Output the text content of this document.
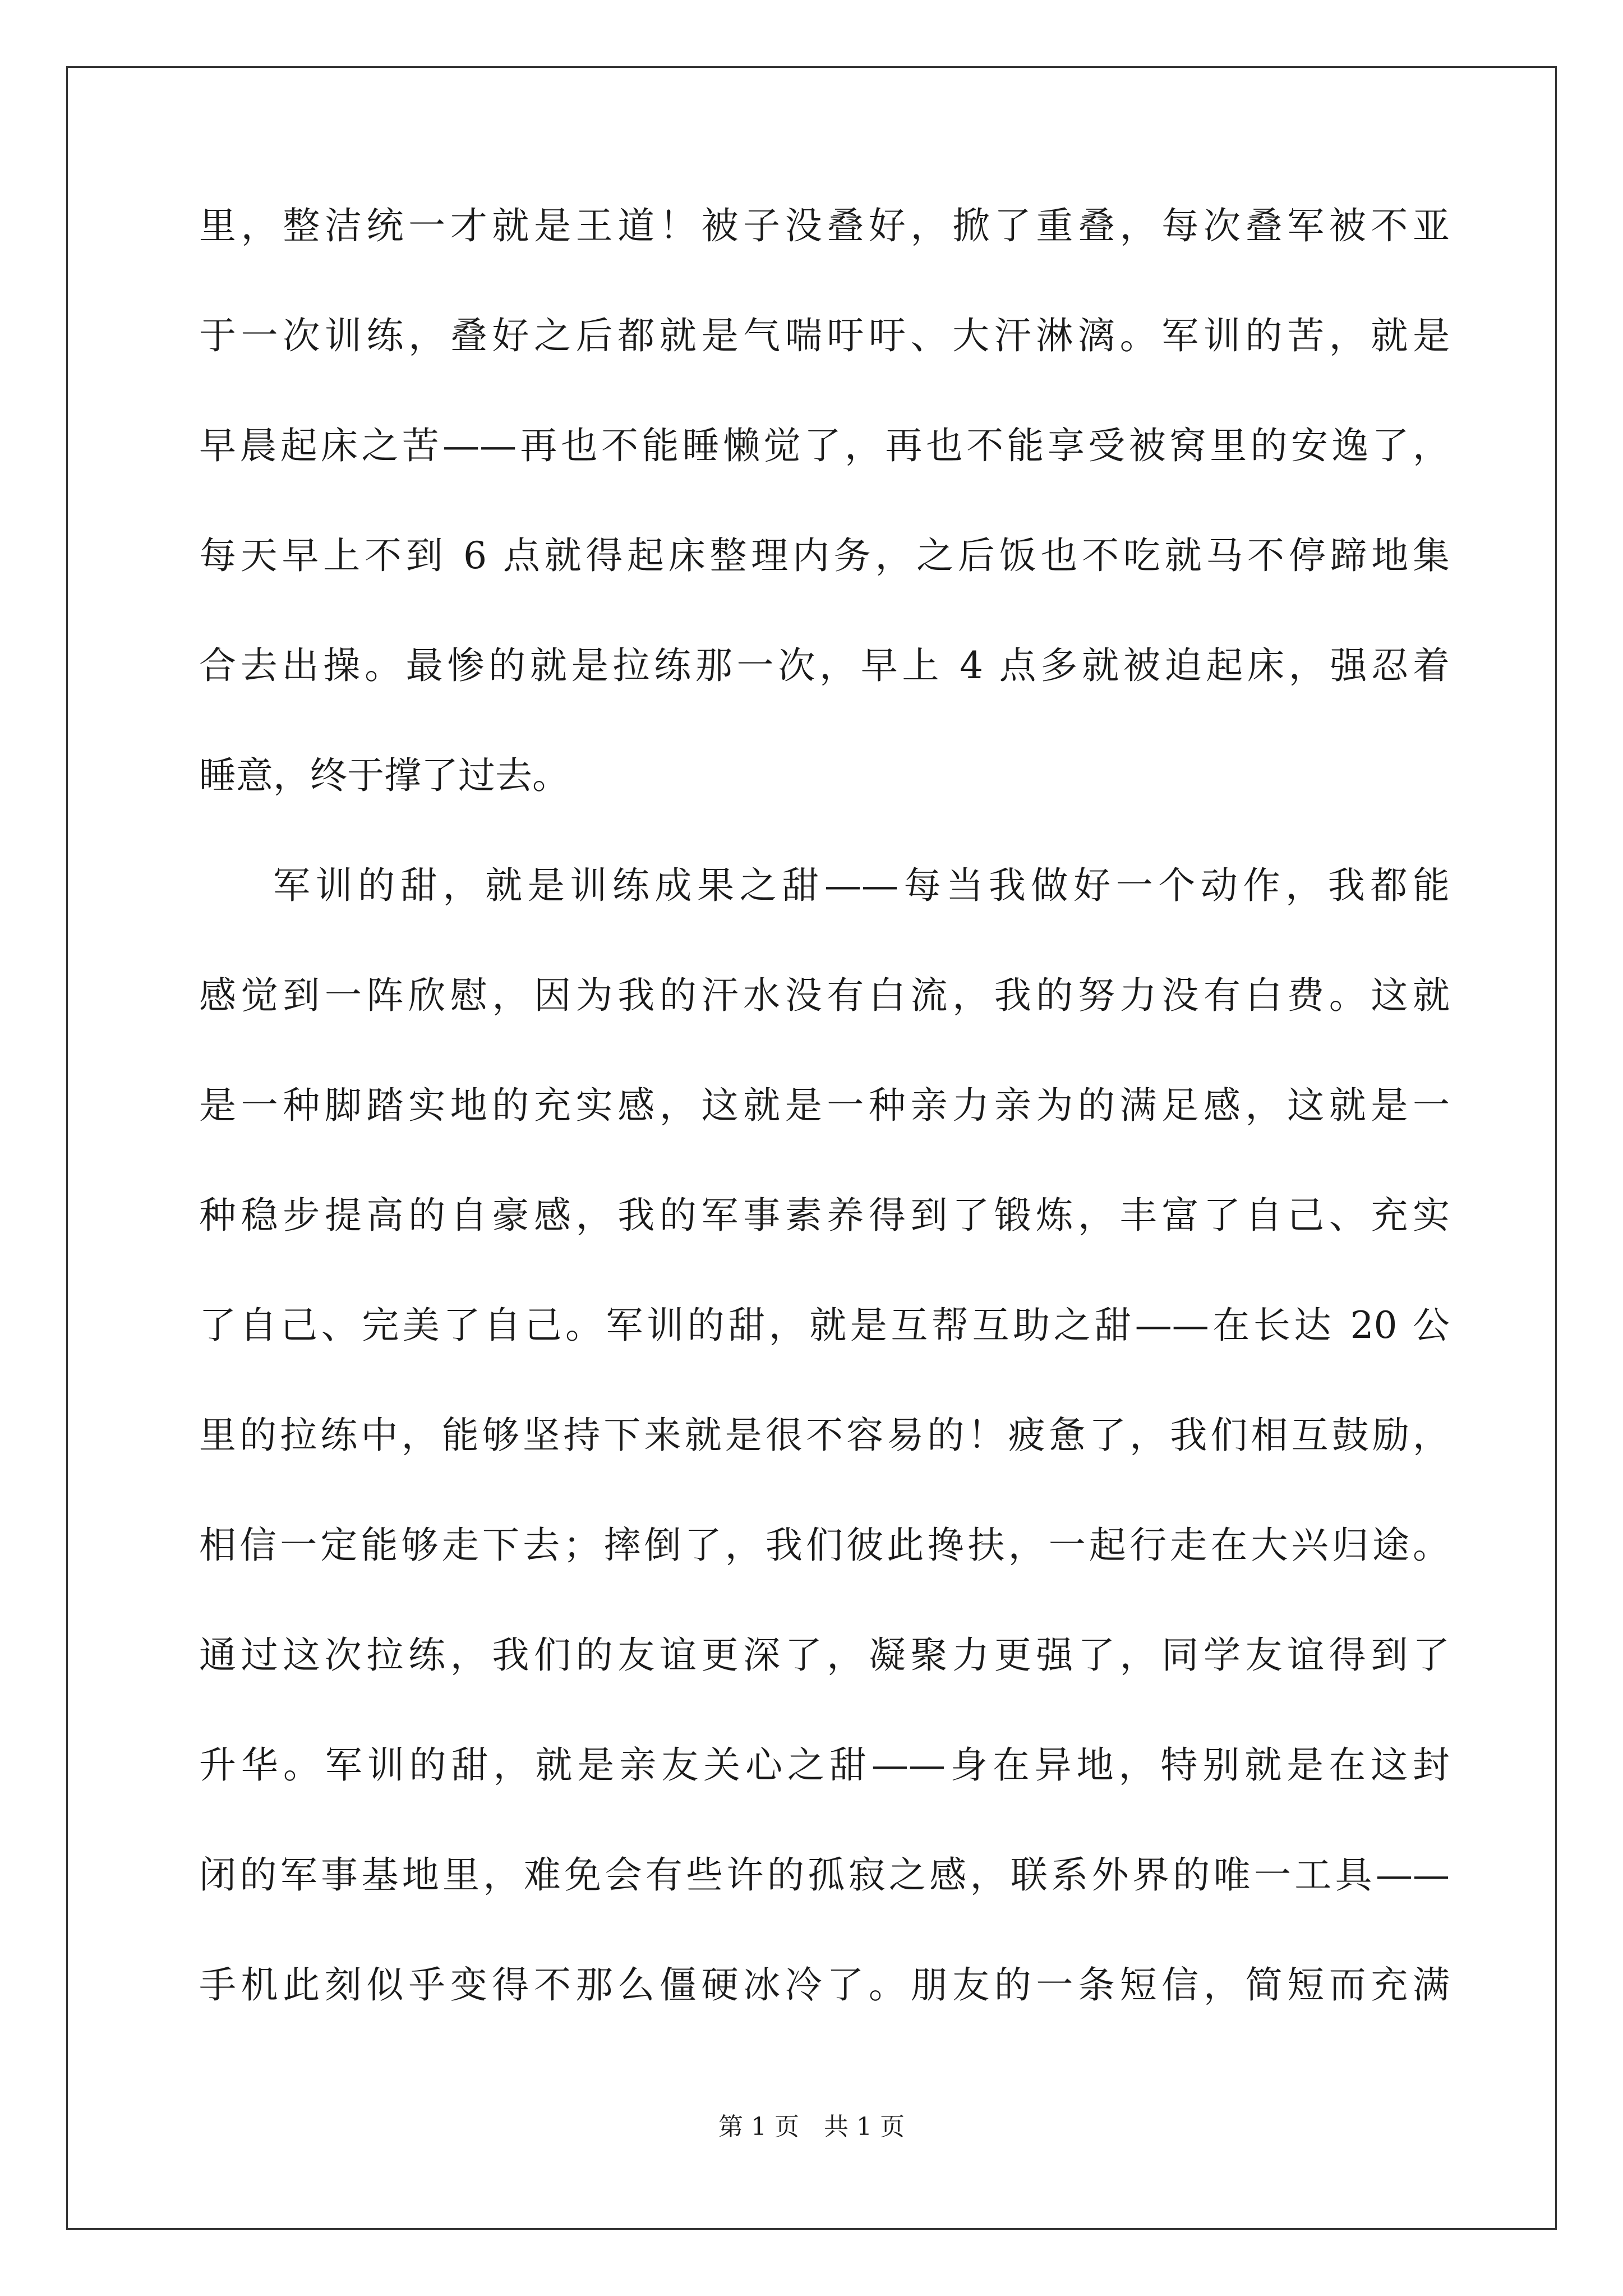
里，整洁统一才就是王道！被子没叠好，掀了重叠，每次叠军被不亚
于一次训练，叠好之后都就是气喘吁吁、大汗淋漓。军训的苦，就是
早晨起床之苦——再也不能睡懒觉了，再也不能享受被窝里的安逸了，
每天早上不到 6 点就得起床整理内务，之后饭也不吃就马不停蹄地集
合去出操。最惨的就是拉练那一次，早上 4 点多就被迫起床，强忍着
睡意，终于撑了过去。
军训的甜，就是训练成果之甜——每当我做好一个动作，我都能
感觉到一阵欣慰，因为我的汗水没有白流，我的努力没有白费。这就
是一种脚踏实地的充实感，这就是一种亲力亲为的满足感，这就是一
种稳步提高的自豪感，我的军事素养得到了锻炼，丰富了自己、充实
了自己、完美了自己。军训的甜，就是互帮互助之甜——在长达 20 公
里的拉练中，能够坚持下来就是很不容易的！疲惫了，我们相互鼓励，
相信一定能够走下去；摔倒了，我们彼此搀扶，一起行走在大兴归途。
通过这次拉练，我们的友谊更深了，凝聚力更强了，同学友谊得到了
升华。军训的甜，就是亲友关心之甜——身在异地，特别就是在这封
闭的军事基地里，难免会有些许的孤寂之感，联系外界的唯一工具——
手机此刻似乎变得不那么僵硬冰冷了。朋友的一条短信，简短而充满
第 1 页　共 1 页
